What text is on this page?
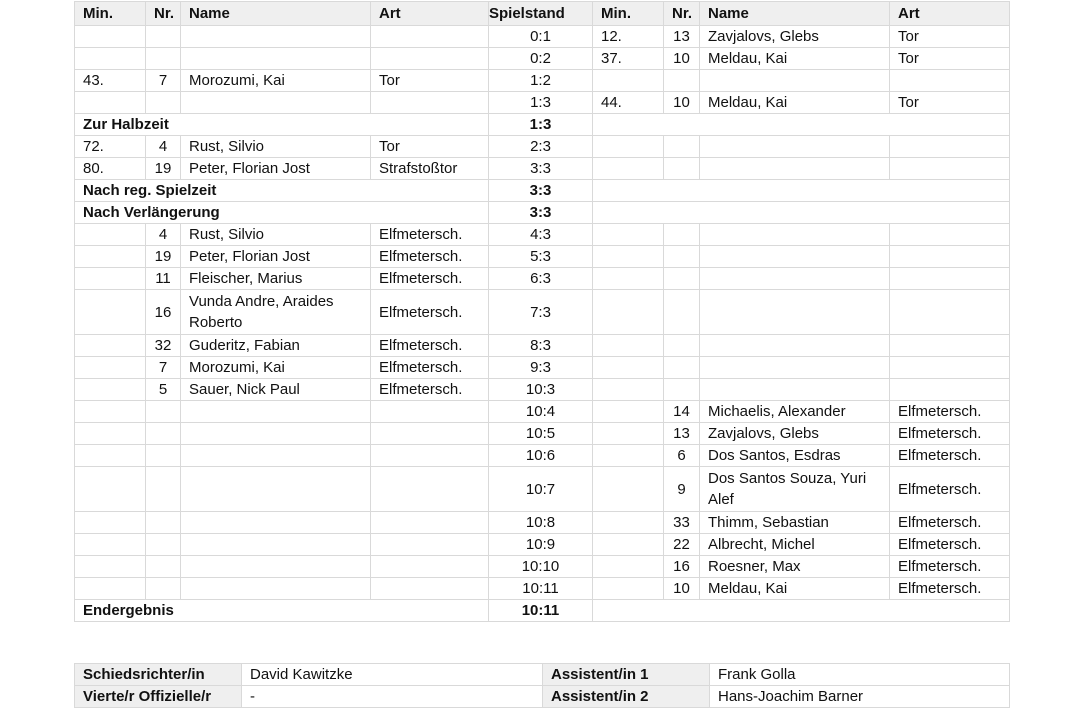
Min.	Nr.	Name	Art	Spielstand	Min.	Nr.	Name	Art
				0:1	12.	13	Zavjalovs, Glebs	Tor
				0:2	37.	10	Meldau, Kai	Tor
43.	7	Morozumi, Kai	Tor	1:2				
				1:3	44.	10	Meldau, Kai	Tor
Zur Halbzeit				1:3				
72.	4	Rust, Silvio	Tor	2:3				
80.	19	Peter, Florian Jost	Strafstoßtor	3:3				
Nach reg. Spielzeit				3:3				
Nach Verlängerung				3:3				
	4	Rust, Silvio	Elfmetersch.	4:3				
	19	Peter, Florian Jost	Elfmetersch.	5:3				
	11	Fleischer, Marius	Elfmetersch.	6:3				
	16	Vunda Andre, Araides Roberto	Elfmetersch.	7:3				
	32	Guderitz, Fabian	Elfmetersch.	8:3				
	7	Morozumi, Kai	Elfmetersch.	9:3				
	5	Sauer, Nick Paul	Elfmetersch.	10:3				
				10:4		14	Michaelis, Alexander	Elfmetersch.
				10:5		13	Zavjalovs, Glebs	Elfmetersch.
				10:6		6	Dos Santos, Esdras	Elfmetersch.
				10:7		9	Dos Santos Souza, Yuri Alef	Elfmetersch.
				10:8		33	Thimm, Sebastian	Elfmetersch.
				10:9		22	Albrecht, Michel	Elfmetersch.
				10:10		16	Roesner, Max	Elfmetersch.
				10:11		10	Meldau, Kai	Elfmetersch.
Endergebnis				10:11				
Schiedsrichter/in	David Kawitzke	Assistent/in 1	Frank Golla
Vierte/r Offizielle/r	-	Assistent/in 2	Hans-Joachim Barner
